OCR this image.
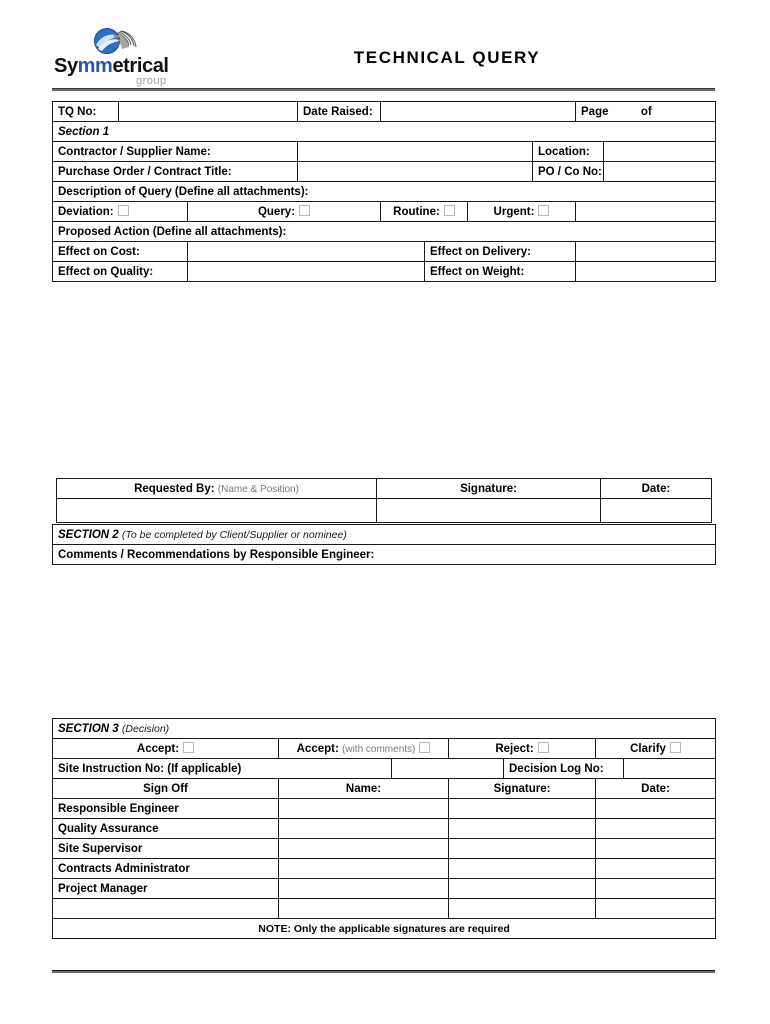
Symmetrical
group
TECHNICAL QUERY
TQ No:			Date Raised:					Page of	
Section 1									
Contractor / Supplier Name:							Location:		
Purchase Order / Contract Title:							PO / Co No:		
Description of Query (Define all attachments):									
Deviation:		Query:		Routine:		Urgent:			
Proposed Action (Define all attachments):									
Effect on Cost:					Effect on Delivery:				
Effect on Quality:					Effect on Weight:				

Requested By: (Name & Position)	Signature:	Date:

SECTION 2 (To be completed by Client/Supplier or nominee)
Comments / Recommendations by Responsible Engineer:
SECTION 3 (Decision)						
Accept:	Accept: (with comments)		Reject:		Clarify	
Site Instruction No: (If applicable)				Decision Log No:		
Sign Off	Name:		Signature:		Date:	
Responsible Engineer						
Quality Assurance						
Site Supervisor						
Contracts Administrator						
Project Manager						

NOTE: Only the applicable signatures are required						
